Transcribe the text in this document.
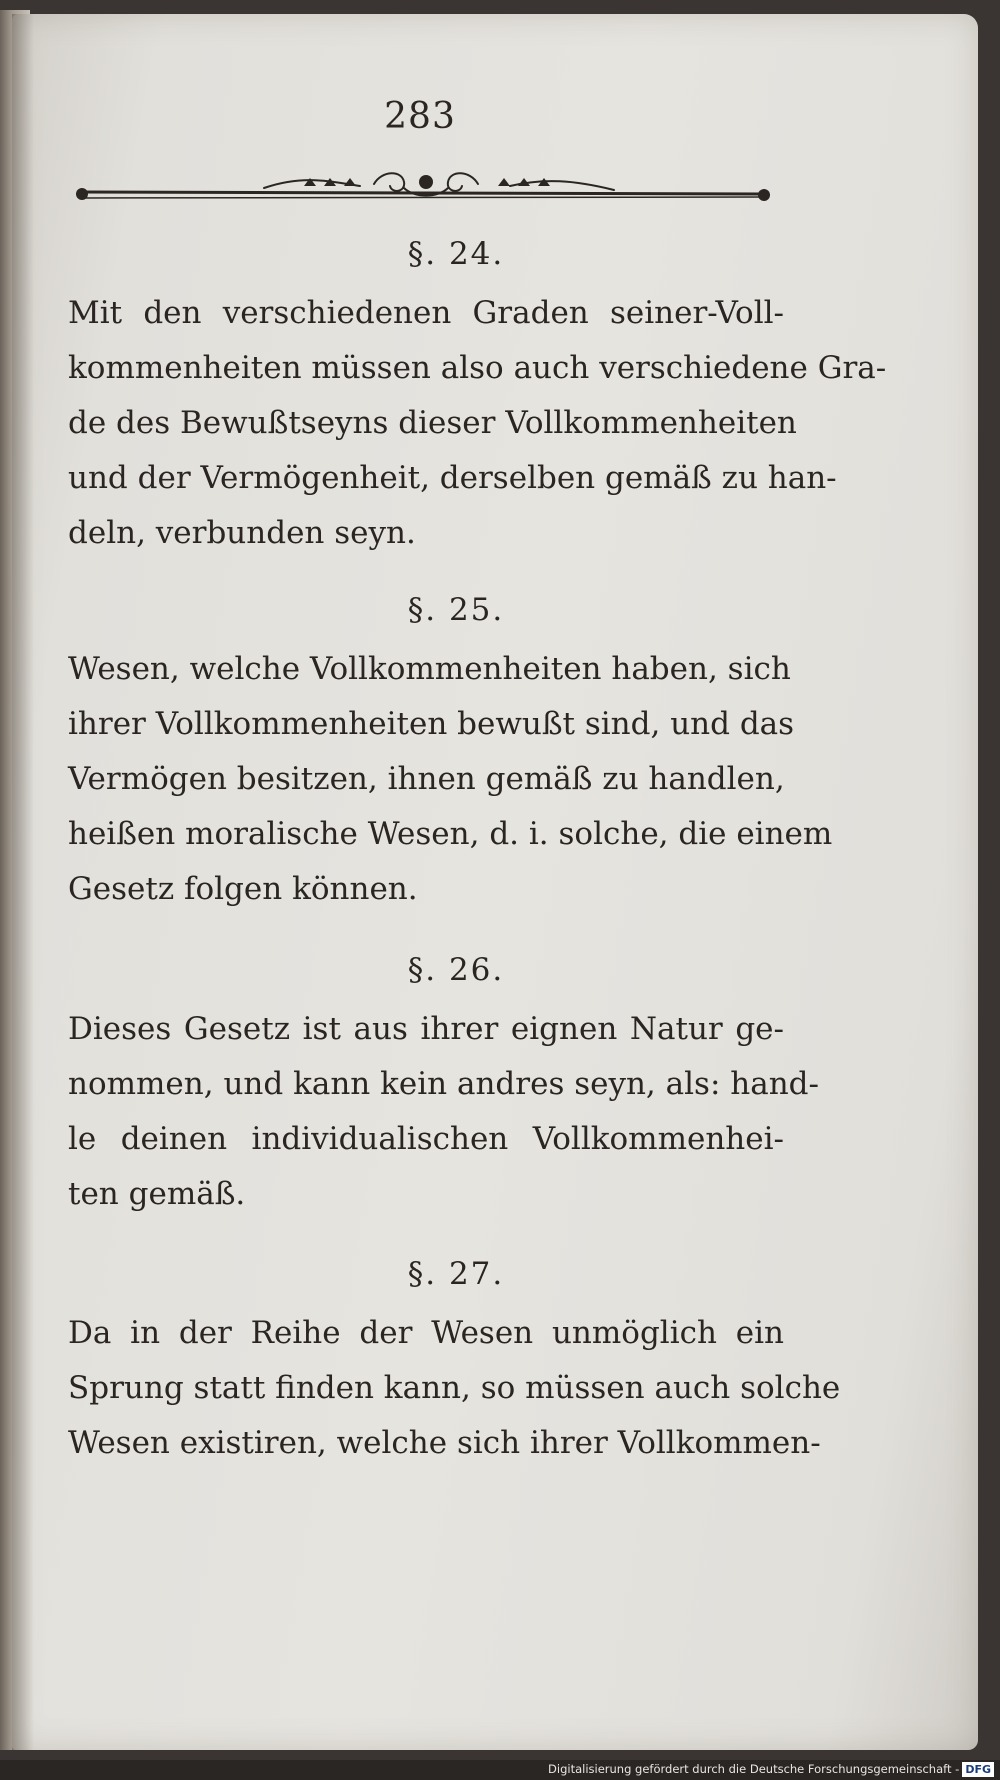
283
§. 24.
Mit den verschiedenen Graden seiner-Voll-
kommenheiten müssen also auch verschiedene Gra-
de des Bewußtseyns dieser Vollkommenheiten
und der Vermögenheit, derselben gemäß zu han-
deln, verbunden seyn.
§. 25.
Wesen, welche Vollkommenheiten haben, sich
ihrer Vollkommenheiten bewußt sind, und das
Vermögen besitzen, ihnen gemäß zu handlen,
heißen moralische Wesen, d. i. solche, die einem
Gesetz folgen können.
§. 26.
Dieses Gesetz ist aus ihrer eignen Natur ge-
nommen, und kann kein andres seyn, als: hand-
le deinen individualischen Vollkommenhei-
ten gemäß.
§. 27.
Da in der Reihe der Wesen unmöglich ein
Sprung statt finden kann, so müssen auch solche
Wesen existiren, welche sich ihrer Vollkommen-
Digitalisierung gefördert durch die Deutsche Forschungsgemeinschaft - DFG
